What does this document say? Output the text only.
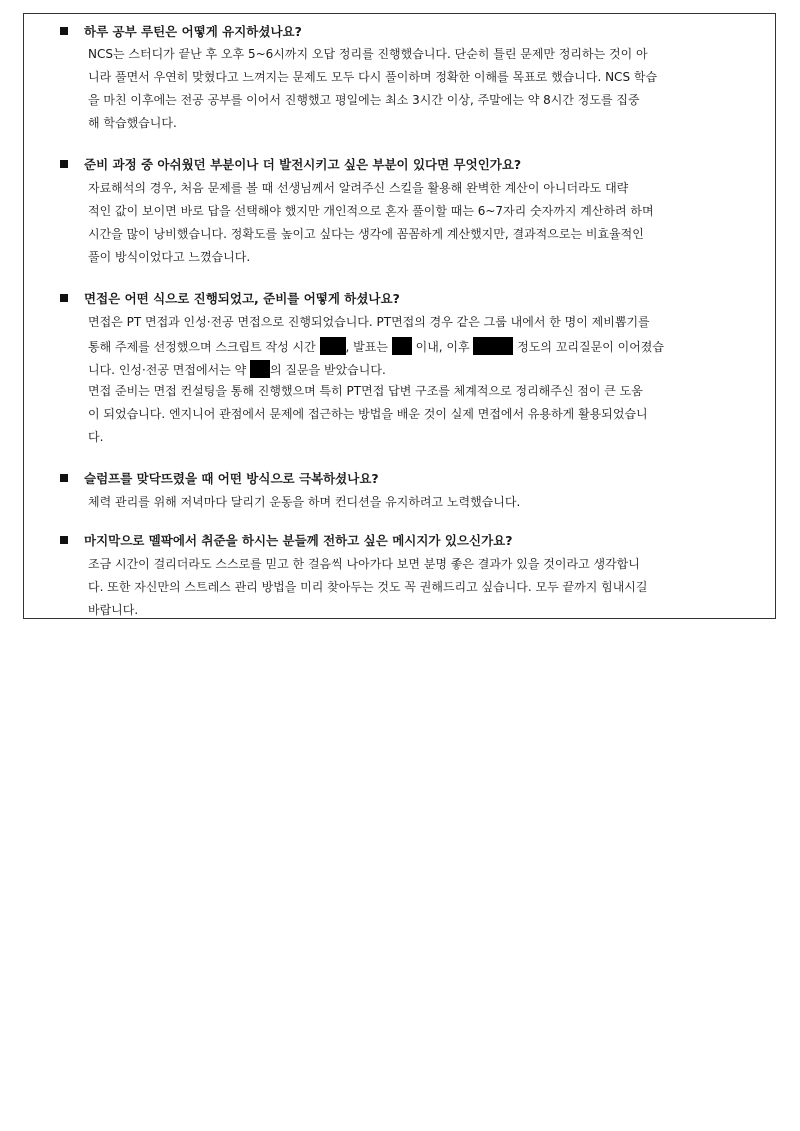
하루 공부 루틴은 어떻게 유지하셨나요?
NCS는 스터디가 끝난 후 오후 5~6시까지 오답 정리를 진행했습니다. 단순히 틀린 문제만 정리하는 것이 아
니라 풀면서 우연히 맞혔다고 느껴지는 문제도 모두 다시 풀이하며 정확한 이해를 목표로 했습니다. NCS 학습
을 마친 이후에는 전공 공부를 이어서 진행했고 평일에는 최소 3시간 이상, 주말에는 약 8시간 정도를 집중
해 학습했습니다.
준비 과정 중 아쉬웠던 부분이나 더 발전시키고 싶은 부분이 있다면 무엇인가요?
자료해석의 경우, 처음 문제를 볼 때 선생님께서 알려주신 스킬을 활용해 완벽한 계산이 아니더라도 대략
적인 값이 보이면 바로 답을 선택해야 했지만 개인적으로 혼자 풀이할 때는 6~7자리 숫자까지 계산하려 하며
시간을 많이 낭비했습니다. 정확도를 높이고 싶다는 생각에 꼼꼼하게 계산했지만, 결과적으로는 비효율적인
풀이 방식이었다고 느꼈습니다.
면접은 어떤 식으로 진행되었고, 준비를 어떻게 하셨나요?
면접은 PT 면접과 인성·전공 면접으로 진행되었습니다. PT면접의 경우 같은 그룹 내에서 한 명이 제비뽑기를
통해 주제를 선정했으며 스크립트 작성 시간 , 발표는  이내, 이후	정도의 꼬리질문이 이어졌습
니다. 인성·전공 면접에서는 약 의 질문을 받았습니다.
면접 준비는 면접 컨설팅을 통해 진행했으며 특히 PT면접 답변 구조를 체계적으로 정리해주신 점이 큰 도움
이 되었습니다. 엔지니어 관점에서 문제에 접근하는 방법을 배운 것이 실제 면접에서 유용하게 활용되었습니
다.
슬럼프를 맞닥뜨렸을 때 어떤 방식으로 극복하셨나요?
체력 관리를 위해 저녁마다 달리기 운동을 하며 컨디션을 유지하려고 노력했습니다.
마지막으로 멜팍에서 취준을 하시는 분들께 전하고 싶은 메시지가 있으신가요?
조금 시간이 걸리더라도 스스로를 믿고 한 걸음씩 나아가다 보면 분명 좋은 결과가 있을 것이라고 생각합니
다. 또한 자신만의 스트레스 관리 방법을 미리 찾아두는 것도 꼭 권해드리고 싶습니다. 모두 끝까지 힘내시길
바랍니다.
